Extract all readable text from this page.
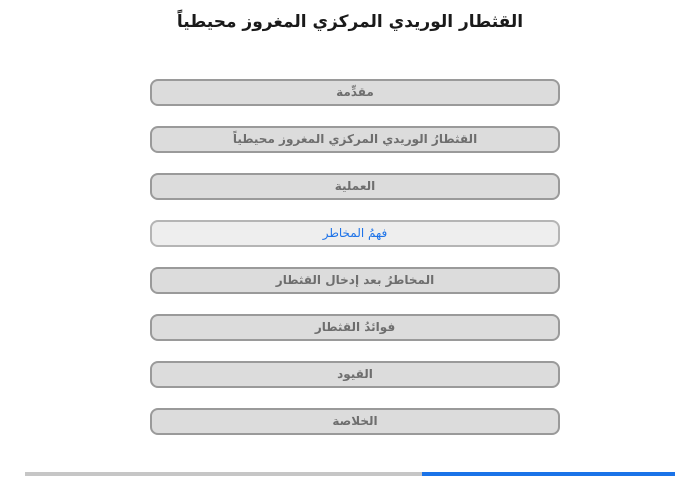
القثطار الوريدي المركزي المغروز محيطياً
مقدِّمة
القثطارُ الوريدي المركزي المغروز محيطياً
العملية
فهمُ المخاطر
المخاطرُ بعد إدخال القثطار
فوائدُ القثطار
القيود
الخلاصة
